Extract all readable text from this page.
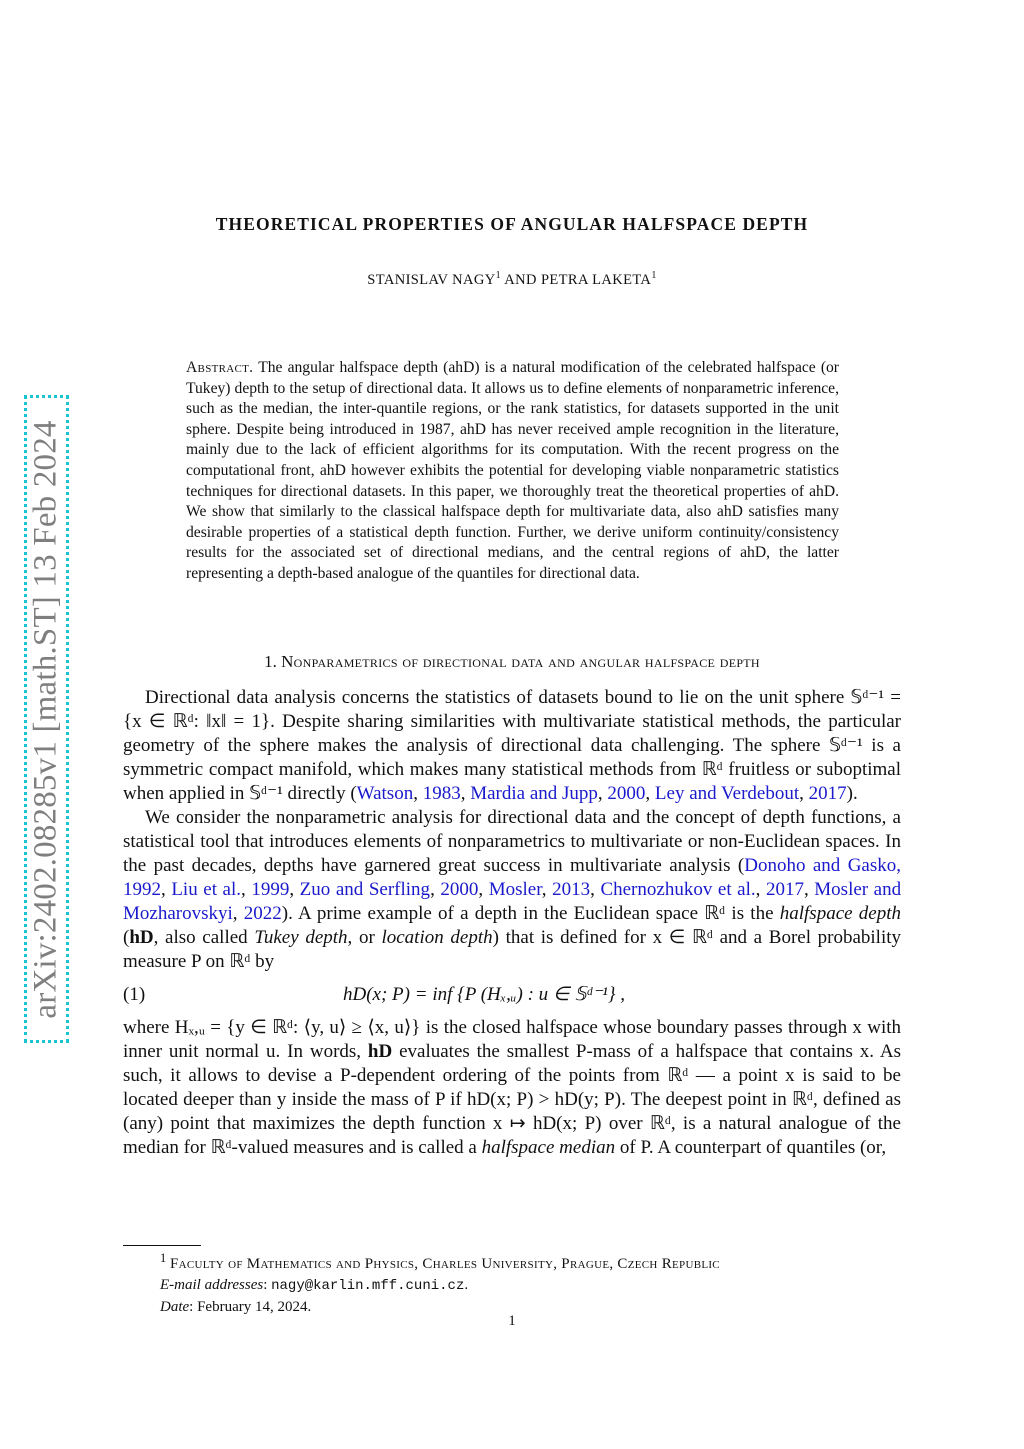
arXiv:2402.08285v1 [math.ST] 13 Feb 2024
THEORETICAL PROPERTIES OF ANGULAR HALFSPACE DEPTH
STANISLAV NAGY$^1$ AND PETRA LAKETA$^1$
Abstract. The angular halfspace depth (ahD) is a natural modification of the celebrated halfspace (or Tukey) depth to the setup of directional data. It allows us to define elements of nonparametric inference, such as the median, the inter-quantile regions, or the rank statistics, for datasets supported in the unit sphere. Despite being introduced in 1987, ahD has never received ample recognition in the literature, mainly due to the lack of efficient algorithms for its computation. With the recent progress on the computational front, ahD however exhibits the potential for developing viable nonparametric statistics techniques for directional datasets. In this paper, we thoroughly treat the theoretical properties of ahD. We show that similarly to the classical halfspace depth for multivariate data, also ahD satisfies many desirable properties of a statistical depth function. Further, we derive uniform continuity/consistency results for the associated set of directional medians, and the central regions of ahD, the latter representing a depth-based analogue of the quantiles for directional data.
1. Nonparametrics of directional data and angular halfspace depth

Directional data analysis concerns the statistics of datasets bound to lie on the unit sphere 𝕊ᵈ⁻¹ = {x ∈ ℝᵈ: ‖x‖ = 1}. Despite sharing similarities with multivariate statistical methods, the particular geometry of the sphere makes the analysis of directional data challenging. The sphere 𝕊ᵈ⁻¹ is a symmetric compact manifold, which makes many statistical methods from ℝᵈ fruitless or suboptimal when applied in 𝕊ᵈ⁻¹ directly (Watson, 1983, Mardia and Jupp, 2000, Ley and Verdebout, 2017).

We consider the nonparametric analysis for directional data and the concept of depth functions, a statistical tool that introduces elements of nonparametrics to multivariate or non-Euclidean spaces. In the past decades, depths have garnered great success in multivariate analysis (Donoho and Gasko, 1992, Liu et al., 1999, Zuo and Serfling, 2000, Mosler, 2013, Chernozhukov et al., 2017, Mosler and Mozharovskyi, 2022). A prime example of a depth in the Euclidean space ℝᵈ is the halfspace depth (hD, also called Tukey depth, or location depth) that is defined for x ∈ ℝᵈ and a Borel probability measure P on ℝᵈ by

(1)	hD(x; P) = inf {P (Hₓ,ᵤ) : u ∈ 𝕊ᵈ⁻¹} ,

where Hₓ,ᵤ = {y ∈ ℝᵈ: ⟨y, u⟩ ≥ ⟨x, u⟩} is the closed halfspace whose boundary passes through x with inner unit normal u. In words, hD evaluates the smallest P-mass of a halfspace that contains x. As such, it allows to devise a P-dependent ordering of the points from ℝᵈ — a point x is said to be located deeper than y inside the mass of P if hD(x; P) > hD(y; P). The deepest point in ℝᵈ, defined as (any) point that maximizes the depth function x ↦ hD(x; P) over ℝᵈ, is a natural analogue of the median for ℝᵈ-valued measures and is called a halfspace median of P. A counterpart of quantiles (or,

$^1$ Faculty of Mathematics and Physics, Charles University, Prague, Czech Republic
E-mail addresses: nagy@karlin.mff.cuni.cz.
Date: February 14, 2024.
1
